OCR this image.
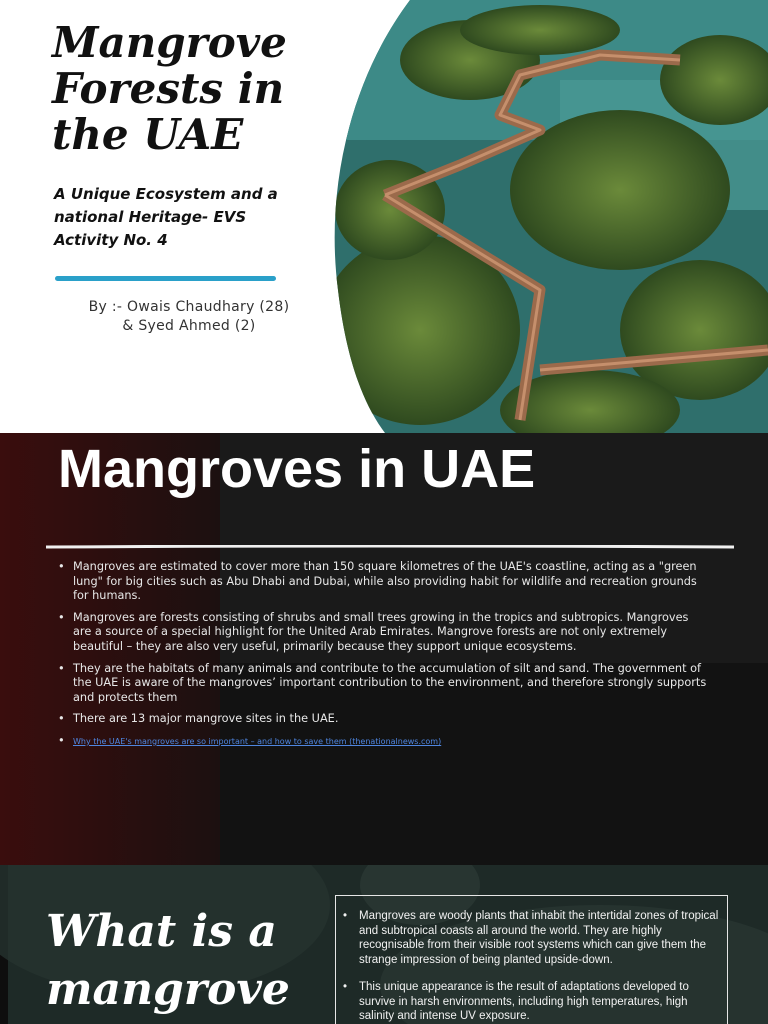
Mangrove Forests in the UAE

A Unique Ecosystem and a national Heritage- EVS Activity No. 4

By :- Owais Chaudhary (28)
& Syed Ahmed (2)

Mangroves in UAE
• Mangroves are estimated to cover more than 150 square kilometres of the UAE's coastline, acting as a "green lung" for big cities such as Abu Dhabi and Dubai, while also providing habit for wildlife and recreation grounds for humans.
• Mangroves are forests consisting of shrubs and small trees growing in the tropics and subtropics. Mangroves are a source of a special highlight for the United Arab Emirates. Mangrove forests are not only extremely beautiful – they are also very useful, primarily because they support unique ecosystems.
• They are the habitats of many animals and contribute to the accumulation of silt and sand. The government of the UAE is aware of the mangroves’ important contribution to the environment, and therefore strongly supports and protects them
• There are 13 major mangrove sites in the UAE.
• Why the UAE's mangroves are so important – and how to save them (thenationalnews.com)
What is a mangrove
• Mangroves are woody plants that inhabit the intertidal zones of tropical and subtropical coasts all around the world. They are highly recognisable from their visible root systems which can give them the strange impression of being planted upside-down.
• This unique appearance is the result of adaptations developed to survive in harsh environments, including high temperatures, high salinity and intense UV exposure.
